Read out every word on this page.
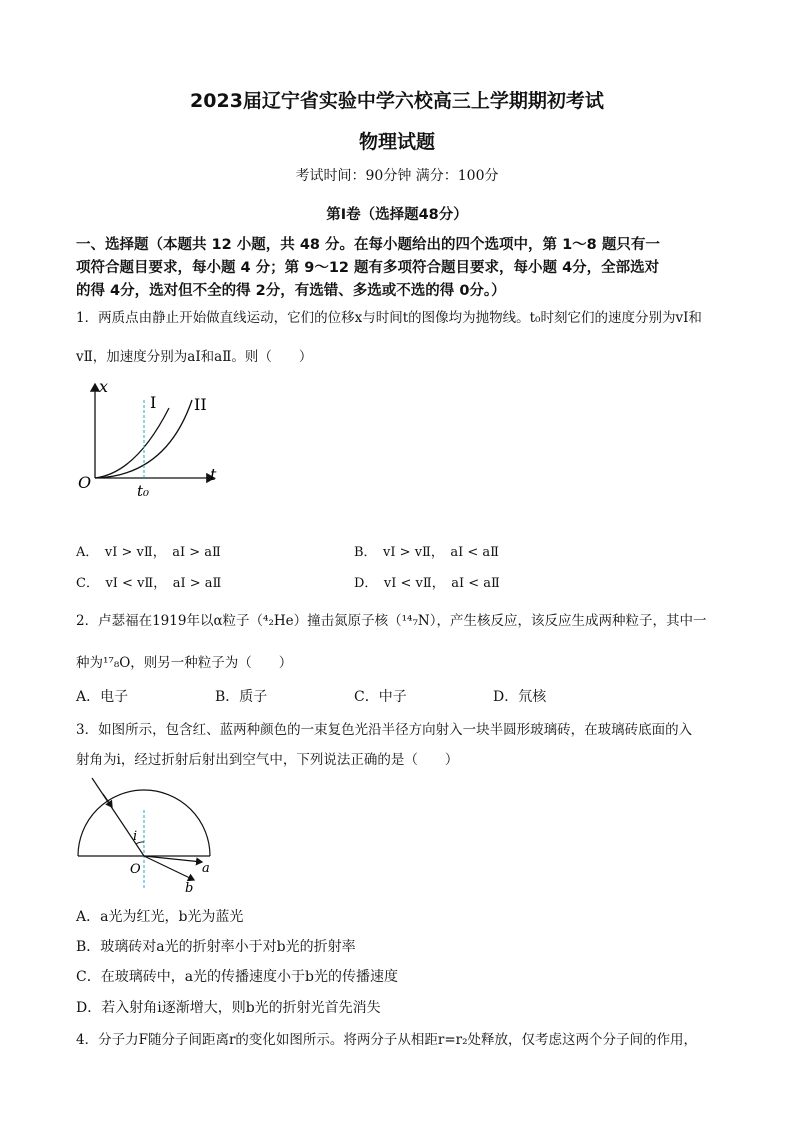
2023届辽宁省实验中学六校高三上学期期初考试
物理试题
考试时间：90分钟 满分：100分
第Ⅰ卷（选择题48分）
一、选择题（本题共 12 小题，共 48 分。在每小题给出的四个选项中，第 1～8 题只有一
项符合题目要求，每小题 4 分；第 9～12 题有多项符合题目要求，每小题 4分，全部选对
的得 4分，选对但不全的得 2分，有选错、多选或不选的得 0分。）
1．两质点由静止开始做直线运动，它们的位移x与时间t的图像均为抛物线。t₀时刻它们的速度分别为vⅠ和
vⅡ，加速度分别为aⅠ和aⅡ。则（　　）
x
t
O	t₀
I II
A．　vⅠ > vⅡ，　aⅠ > aⅡ	B．　vⅠ > vⅡ，　aⅠ < aⅡ
C．　vⅠ < vⅡ，　aⅠ > aⅡ	D．　vⅠ < vⅡ，　aⅠ < aⅡ
2．卢瑟福在1919年以α粒子（⁴₂He）撞击氮原子核（¹⁴₇N），产生核反应，该反应生成两种粒子，其中一
种为¹⁷₈O，则另一种粒子为（　　）
A．电子	B．质子	C．中子	D．氘核
3．如图所示，包含红、蓝两种颜色的一束复色光沿半径方向射入一块半圆形玻璃砖，在玻璃砖底面的入
射角为i，经过折射后射出到空气中，下列说法正确的是（　　）
i
O	a
b
A．a光为红光，b光为蓝光
B．玻璃砖对a光的折射率小于对b光的折射率
C．在玻璃砖中，a光的传播速度小于b光的传播速度
D．若入射角i逐渐增大，则b光的折射光首先消失
4．分子力F随分子间距离r的变化如图所示。将两分子从相距r=r₂处释放，仅考虑这两个分子间的作用，
